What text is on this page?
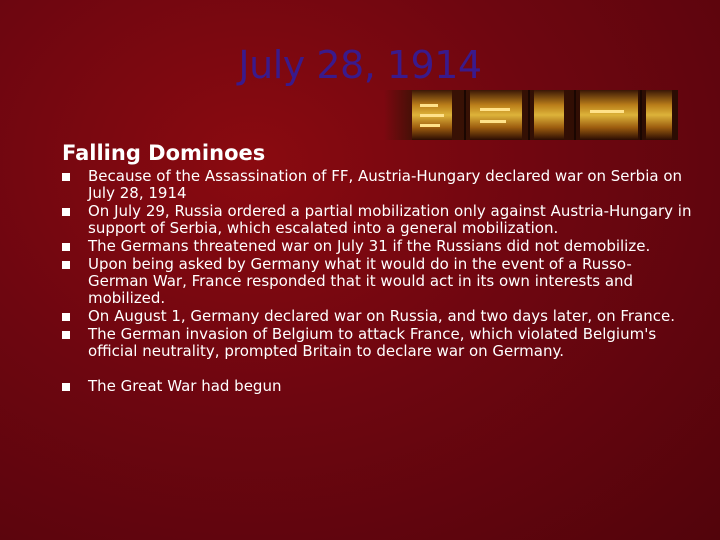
July 28, 1914
Falling Dominoes
Because of the Assassination of FF, Austria-Hungary declared war on Serbia on July 28, 1914
On July 29, Russia ordered a partial mobilization only against Austria-Hungary in support of Serbia, which escalated into a general mobilization.
The Germans threatened war on July 31 if the Russians did not demobilize.
Upon being asked by Germany what it would do in the event of a Russo-German War, France responded that it would act in its own interests and mobilized.
On August 1, Germany declared war on Russia, and two days later, on France.
The German invasion of Belgium to attack France, which violated Belgium's official neutrality, prompted Britain to declare war on Germany.
The Great War had begun
